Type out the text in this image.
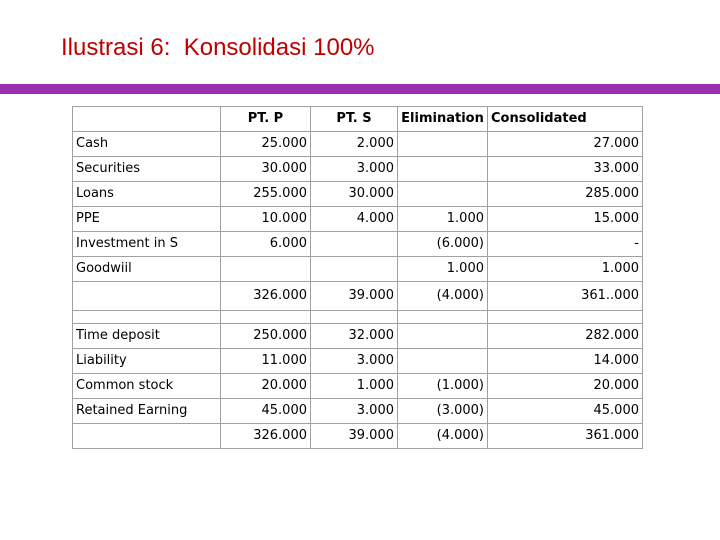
Ilustrasi 6:  Konsolidasi 100%
	PT. P	PT. S	Elimination	Consolidated
Cash	25.000	2.000		27.000
Securities	30.000	3.000		33.000
Loans	255.000	30.000		285.000
PPE	10.000	4.000	1.000	15.000
Investment in S	6.000		(6.000)	-
Goodwiil			1.000	1.000
	326.000	39.000	(4.000)	361..000

Time deposit	250.000	32.000		282.000
Liability	11.000	3.000		14.000
Common stock	20.000	1.000	(1.000)	20.000
Retained Earning	45.000	3.000	(3.000)	45.000
	326.000	39.000	(4.000)	361.000
